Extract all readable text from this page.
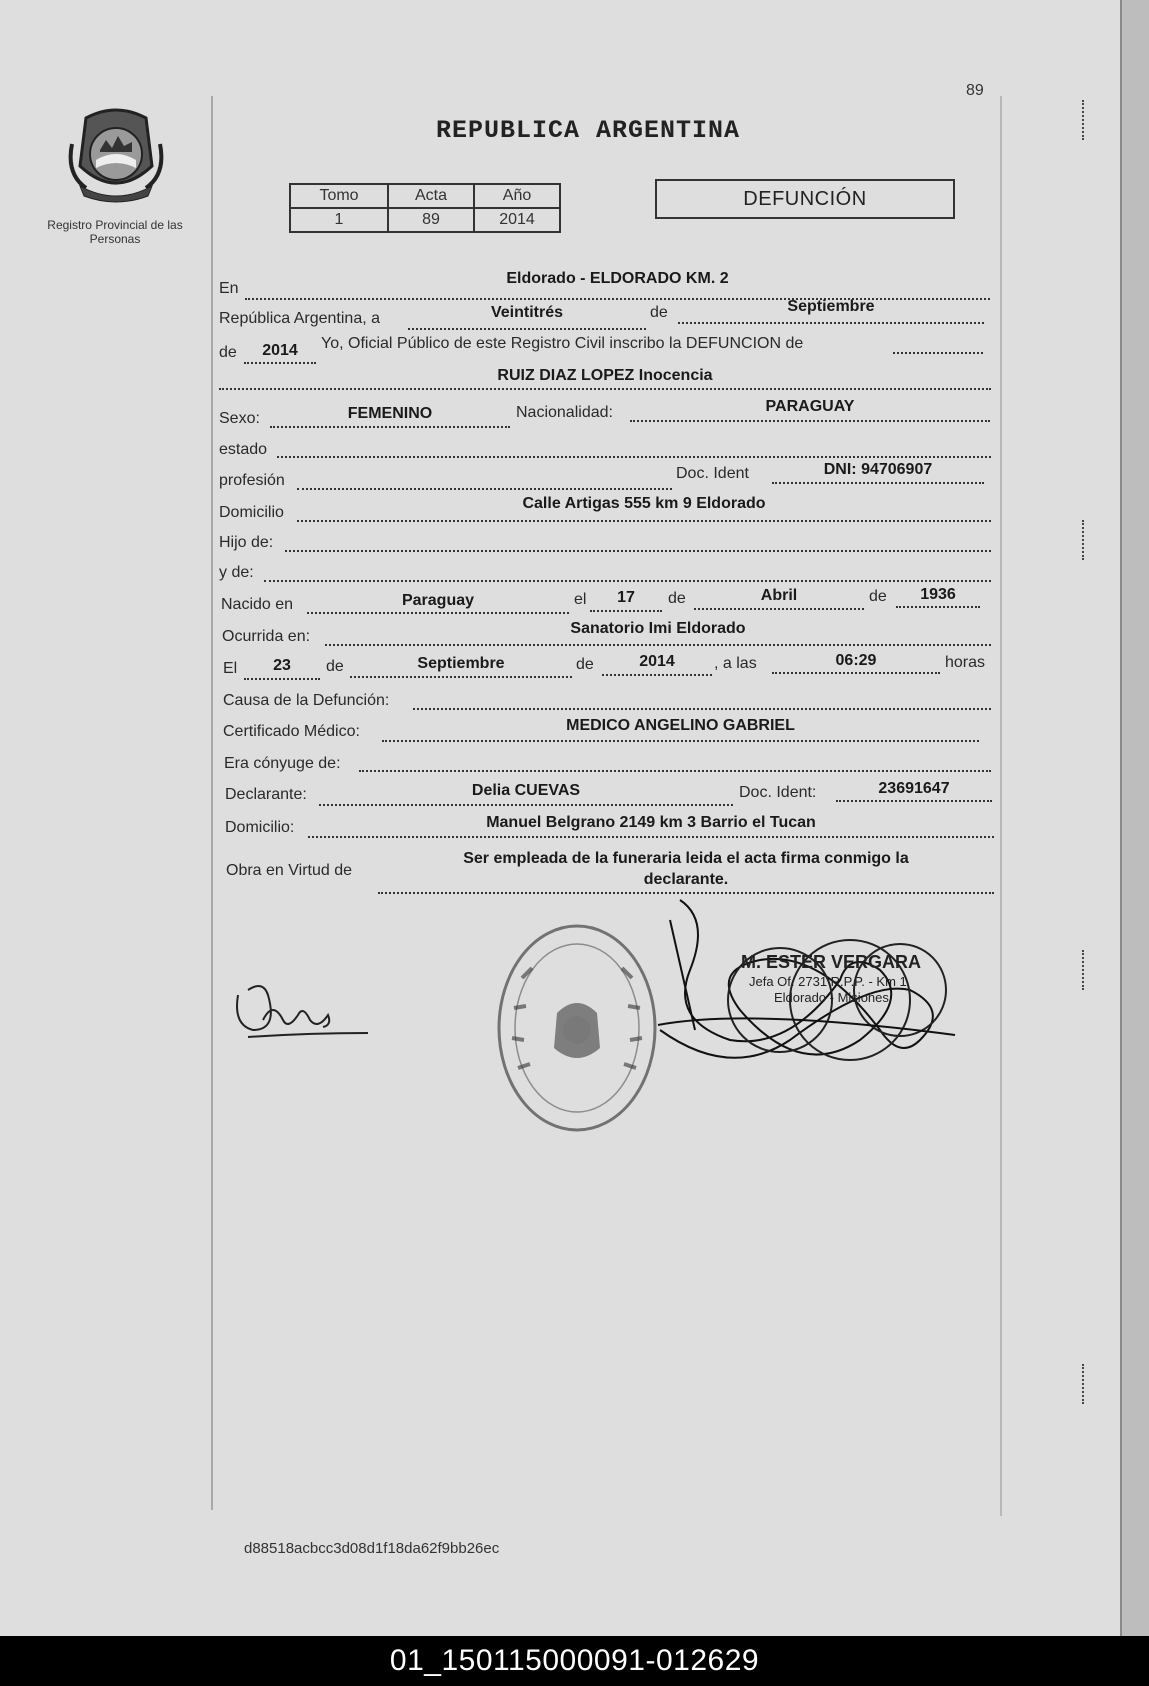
Registro Provincial de las Personas
89
REPUBLICA ARGENTINA
Tomo	Acta	Año
1	89	2014
DEFUNCIÓN
En
Eldorado - ELDORADO KM. 2
República Argentina, a	Veintitrés	de	Septiembre
de	2014	Yo, Oficial Público de este Registro Civil inscribo la DEFUNCION de
RUIZ DIAZ LOPEZ Inocencia
Sexo:	FEMENINO	Nacionalidad:	PARAGUAY
estado
profesión	Doc. Ident	DNI: 94706907
Domicilio
Calle Artigas 555 km 9 Eldorado
Hijo de:
y de:
Nacido en	Paraguay	el	17	de	Abril	de	1936
Ocurrida en:	Sanatorio Imi Eldorado
El	23	de	Septiembre	de	2014	, a las	06:29	horas
Causa de la Defunción:
Certificado Médico:	MEDICO ANGELINO GABRIEL
Era cónyuge de:
Declarante:	Delia CUEVAS	Doc. Ident:	23691647
Domicilio:	Manuel Belgrano 2149 km 3 Barrio el Tucan
Obra en Virtud de
Ser empleada de la funeraria leida el acta firma conmigo la
declarante.
M. ESTER VERGARA
Jefa Of. 2731 R.P.P. - Km 1
Eldorado - Misiones
d88518acbcc3d08d1f18da62f9bb26ec
01_150115000091-012629
